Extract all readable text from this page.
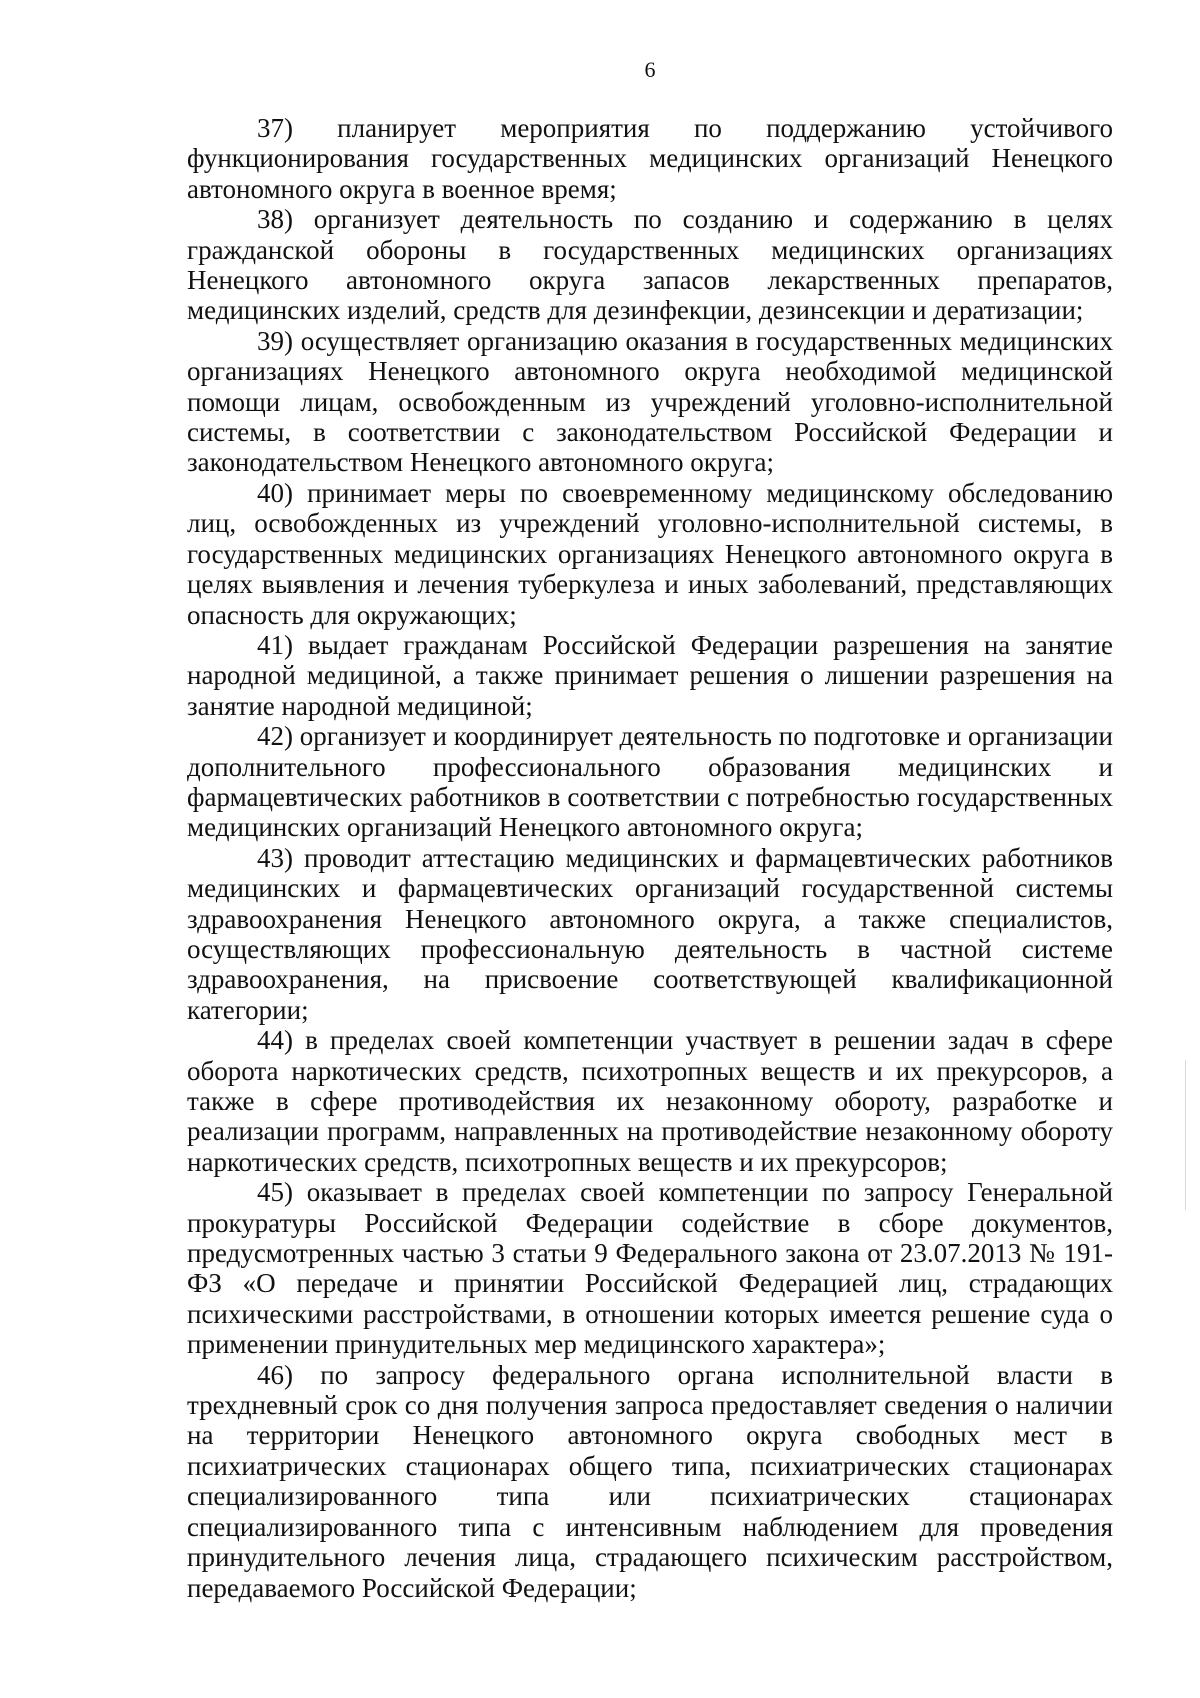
6

37) планирует мероприятия по поддержанию устойчивого функционирования государственных медицинских организаций Ненецкого автономного округа в военное время;

38) организует деятельность по созданию и содержанию в целях гражданской обороны в государственных медицинских организациях Ненецкого автономного округа запасов лекарственных препаратов, медицинских изделий, средств для дезинфекции, дезинсекции и дератизации;

39) осуществляет организацию оказания в государственных медицинских организациях Ненецкого автономного округа необходимой медицинской помощи лицам, освобожденным из учреждений уголовно-исполнительной системы, в соответствии с законодательством Российской Федерации и законодательством Ненецкого автономного округа;

40) принимает меры по своевременному медицинскому обследованию лиц, освобожденных из учреждений уголовно-исполнительной системы, в государственных медицинских организациях Ненецкого автономного округа в целях выявления и лечения туберкулеза и иных заболеваний, представляющих опасность для окружающих;

41) выдает гражданам Российской Федерации разрешения на занятие народной медициной, а также принимает решения о лишении разрешения на занятие народной медициной;

42) организует и координирует деятельность по подготовке и организации дополнительного профессионального образования медицинских и фармацевтических работников в соответствии с потребностью государственных медицинских организаций Ненецкого автономного округа;

43) проводит аттестацию медицинских и фармацевтических работников медицинских и фармацевтических организаций государственной системы здравоохранения Ненецкого автономного округа, а также специалистов, осуществляющих профессиональную деятельность в частной системе здравоохранения, на присвоение соответствующей квалификационной категории;

44) в пределах своей компетенции участвует в решении задач в сфере оборота наркотических средств, психотропных веществ и их прекурсоров, а также в сфере противодействия их незаконному обороту, разработке и реализации программ, направленных на противодействие незаконному обороту наркотических средств, психотропных веществ и их прекурсоров;

45) оказывает в пределах своей компетенции по запросу Генеральной прокуратуры Российской Федерации содействие в сборе документов, предусмотренных частью 3 статьи 9 Федерального закона от 23.07.2013 № 191-ФЗ «О передаче и принятии Российской Федерацией лиц, страдающих психическими расстройствами, в отношении которых имеется решение суда о применении принудительных мер медицинского характера»;

46) по запросу федерального органа исполнительной власти в трехдневный срок со дня получения запроса предоставляет сведения о наличии на территории Ненецкого автономного округа свободных мест в психиатрических стационарах общего типа, психиатрических стационарах специализированного типа или психиатрических стационарах специализированного типа с интенсивным наблюдением для проведения принудительного лечения лица, страдающего психическим расстройством, передаваемого Российской Федерации;
